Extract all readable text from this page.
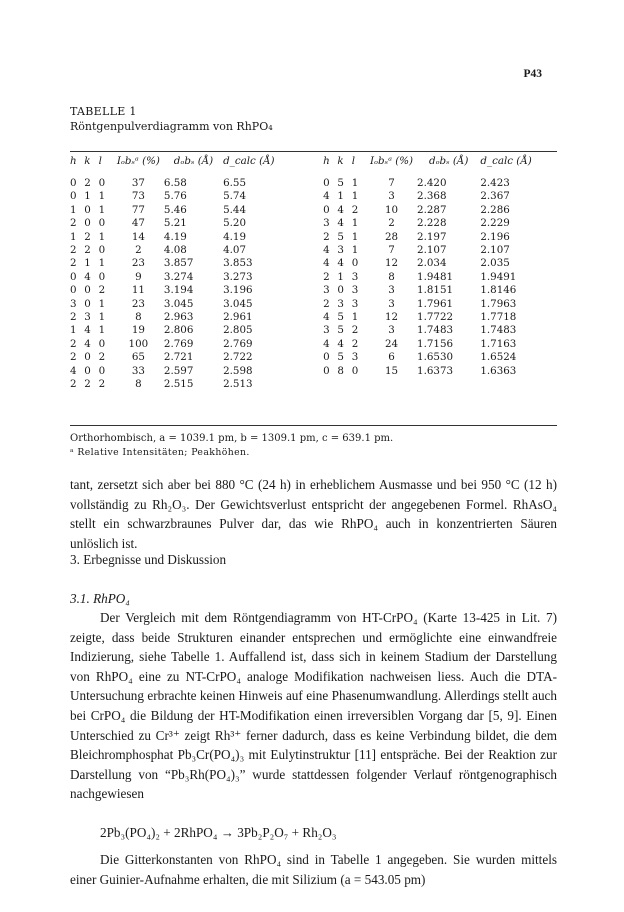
P43
TABELLE 1
Röntgenpulverdiagramm von RhPO₄
h	k	l	Iₒbₛᵃ (%)	dₒbₛ (Å)	d_calc (Å)	h	k	l	Iₒbₛᵃ (%)	dₒbₛ (Å)	d_calc (Å)
0	2	0	37	6.58	6.55	0	5	1	7	2.420	2.423
0	1	1	73	5.76	5.74	4	1	1	3	2.368	2.367
1	0	1	77	5.46	5.44	0	4	2	10	2.287	2.286
2	0	0	47	5.21	5.20	3	4	1	2	2.228	2.229
1	2	1	14	4.19	4.19	2	5	1	28	2.197	2.196
2	2	0	2	4.08	4.07	4	3	1	7	2.107	2.107
2	1	1	23	3.857	3.853	4	4	0	12	2.034	2.035
0	4	0	9	3.274	3.273	2	1	3	8	1.9481	1.9491
0	0	2	11	3.194	3.196	3	0	3	3	1.8151	1.8146
3	0	1	23	3.045	3.045	2	3	3	3	1.7961	1.7963
2	3	1	8	2.963	2.961	4	5	1	12	1.7722	1.7718
1	4	1	19	2.806	2.805	3	5	2	3	1.7483	1.7483
2	4	0	100	2.769	2.769	4	4	2	24	1.7156	1.7163
2	0	2	65	2.721	2.722	0	5	3	6	1.6530	1.6524
4	0	0	33	2.597	2.598	0	8	0	15	1.6373	1.6363
2	2	2	8	2.515	2.513						
Orthorhombisch, a = 1039.1 pm, b = 1309.1 pm, c = 639.1 pm.
ᵃ Relative Intensitäten; Peakhöhen.

tant, zersetzt sich aber bei 880 °C (24 h) in erheblichem Ausmasse und bei 950 °C (12 h) vollständig zu Rh₂O₃. Der Gewichtsverlust entspricht der angegebenen Formel. RhAsO₄ stellt ein schwarzbraunes Pulver dar, das wie RhPO₄ auch in konzentrierten Säuren unlöslich ist.

3. Erbegnisse und Diskussion
3.1. RhPO₄

Der Vergleich mit dem Röntgendiagramm von HT-CrPO₄ (Karte 13-425 in Lit. 7) zeigte, dass beide Strukturen einander entsprechen und ermöglichte eine einwandfreie Indizierung, siehe Tabelle 1. Auffallend ist, dass sich in keinem Stadium der Darstellung von RhPO₄ eine zu NT-CrPO₄ analoge Modifikation nachweisen liess. Auch die DTA-Untersuchung erbrachte keinen Hinweis auf eine Phasenumwandlung. Allerdings stellt auch bei CrPO₄ die Bildung der HT-Modifikation einen irreversiblen Vorgang dar [5, 9]. Einen Unterschied zu Cr³⁺ zeigt Rh³⁺ ferner dadurch, dass es keine Verbindung bildet, die dem Bleichromphosphat Pb₃Cr(PO₄)₃ mit Eulytinstruktur [11] entspräche. Bei der Reaktion zur Darstellung von “Pb₃Rh(PO₄)₃” wurde stattdessen folgender Verlauf röntgenographisch nachgewiesen

2Pb₃(PO₄)₂ + 2RhPO₄ → 3Pb₂P₂O₇ + Rh₂O₃

Die Gitterkonstanten von RhPO₄ sind in Tabelle 1 angegeben. Sie wurden mittels einer Guinier-Aufnahme erhalten, die mit Silizium (a = 543.05 pm)
